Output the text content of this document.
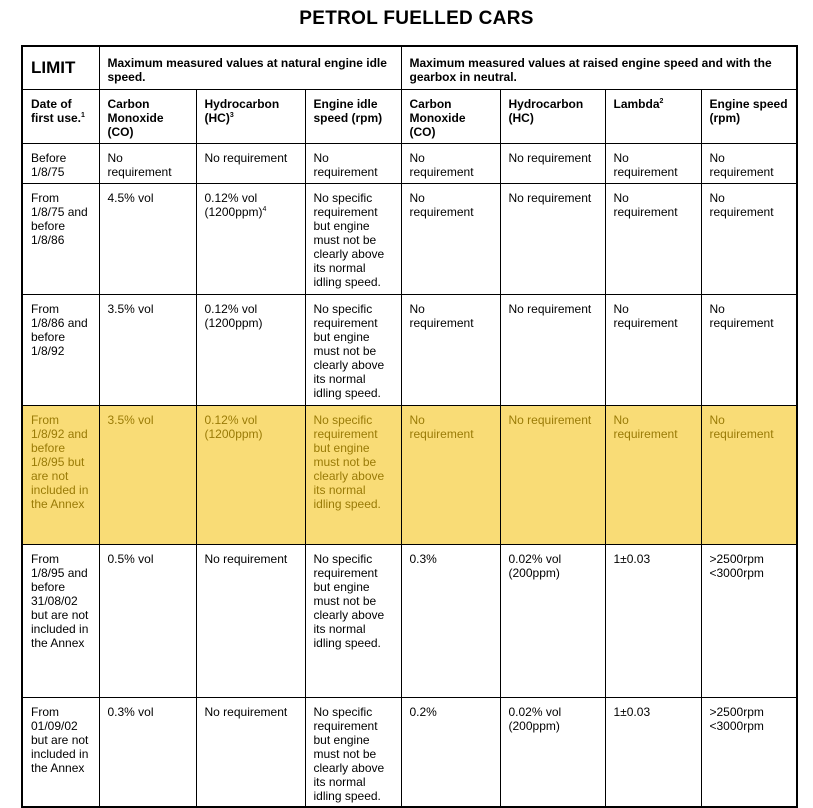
PETROL FUELLED CARS
LIMIT	Maximum measured values at natural engine idle speed.			Maximum measured values at raised engine speed and with the gearbox in neutral.			
Date of first use.$^1$	Carbon Monoxide (CO)	Hydrocarbon (HC)$^3$	Engine idle speed (rpm)	Carbon Monoxide (CO)	Hydrocarbon (HC)	Lambda$^2$	Engine speed (rpm)
Before 1/8/75	No requirement	No requirement	No requirement	No requirement	No requirement	No requirement	No requirement
From 1/8/75 and before 1/8/86	4.5% vol	0.12% vol $(1200ppm)^4$	No specific requirement but engine must not be clearly above its normal idling speed.	No requirement	No requirement	No requirement	No requirement
From 1/8/86 and before 1/8/92	3.5% vol	0.12% vol (1200ppm)	No specific requirement but engine must not be clearly above its normal idling speed.	No requirement	No requirement	No requirement	No requirement
From 1/8/92 and before 1/8/95 but are not included in the Annex	3.5% vol	0.12% vol (1200ppm)	No specific requirement but engine must not be clearly above its normal idling speed.	No requirement	No requirement	No requirement	No requirement
From 1/8/95 and before 31/08/02 but are not included in the Annex	0.5% vol	No requirement	No specific requirement but engine must not be clearly above its normal idling speed.	0.3%	0.02% vol (200ppm)	1±0.03	>2500rpm <3000rpm
From 01/09/02 but are not included in the Annex	0.3% vol	No requirement	No specific requirement but engine must not be clearly above its normal idling speed.	0.2%	0.02% vol (200ppm)	1±0.03	>2500rpm <3000rpm
